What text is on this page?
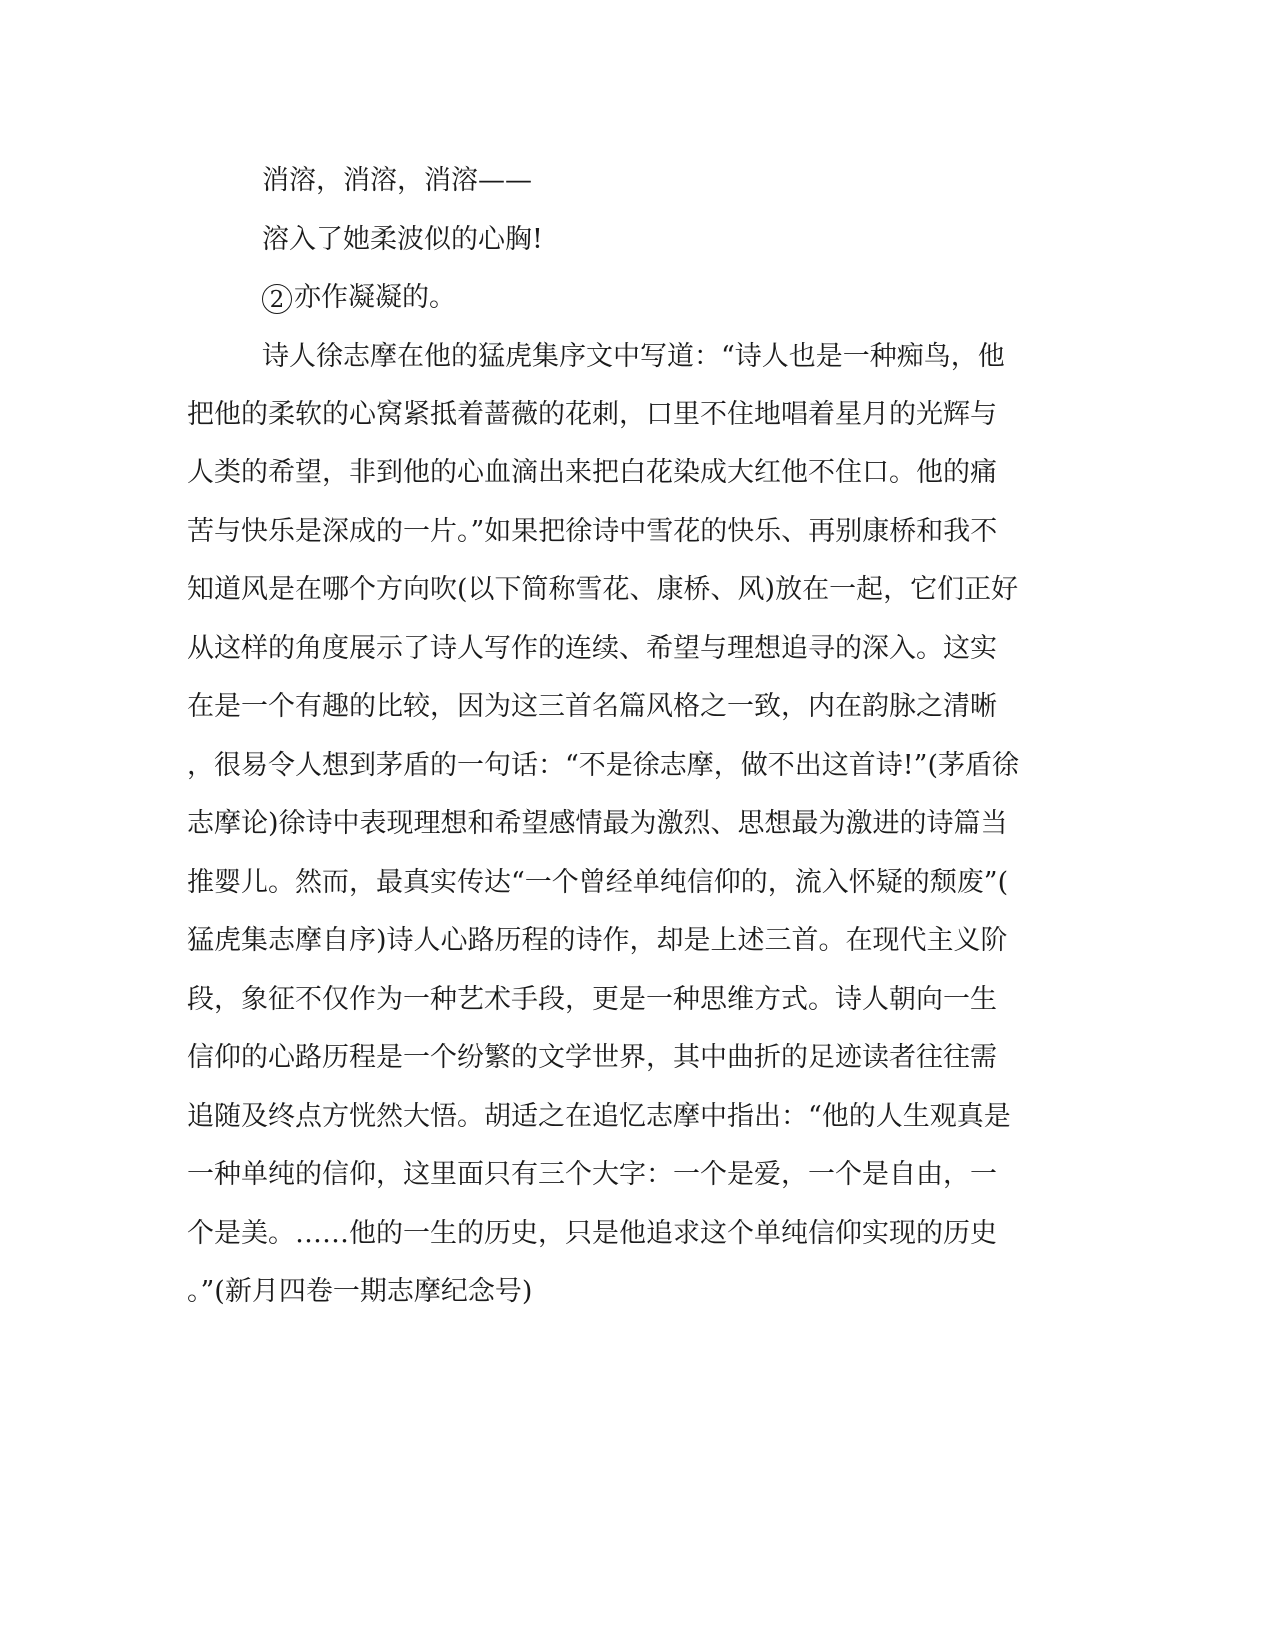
消溶，消溶，消溶——
溶入了她柔波似的心胸!
2 亦作凝凝的。
诗人徐志摩在他的猛虎集序文中写道：“诗人也是一种痴鸟，他
把他的柔软的心窝紧抵着蔷薇的花刺，口里不住地唱着星月的光辉与
人类的希望，非到他的心血滴出来把白花染成大红他不住口。他的痛
苦与快乐是深成的一片。”如果把徐诗中雪花的快乐、再别康桥和我不
知道风是在哪个方向吹(以下简称雪花、康桥、风)放在一起，它们正好
从这样的角度展示了诗人写作的连续、希望与理想追寻的深入。这实
在是一个有趣的比较，因为这三首名篇风格之一致，内在韵脉之清晰
，很易令人想到茅盾的一句话：“不是徐志摩，做不出这首诗!”(茅盾徐
志摩论)徐诗中表现理想和希望感情最为激烈、思想最为激进的诗篇当
推婴儿。然而，最真实传达“一个曾经单纯信仰的，流入怀疑的颓废”(
猛虎集志摩自序)诗人心路历程的诗作，却是上述三首。在现代主义阶
段，象征不仅作为一种艺术手段，更是一种思维方式。诗人朝向一生
信仰的心路历程是一个纷繁的文学世界，其中曲折的足迹读者往往需
追随及终点方恍然大悟。胡适之在追忆志摩中指出：“他的人生观真是
一种单纯的信仰，这里面只有三个大字：一个是爱，一个是自由，一
个是美。……他的一生的历史，只是他追求这个单纯信仰实现的历史
。”(新月四卷一期志摩纪念号)
